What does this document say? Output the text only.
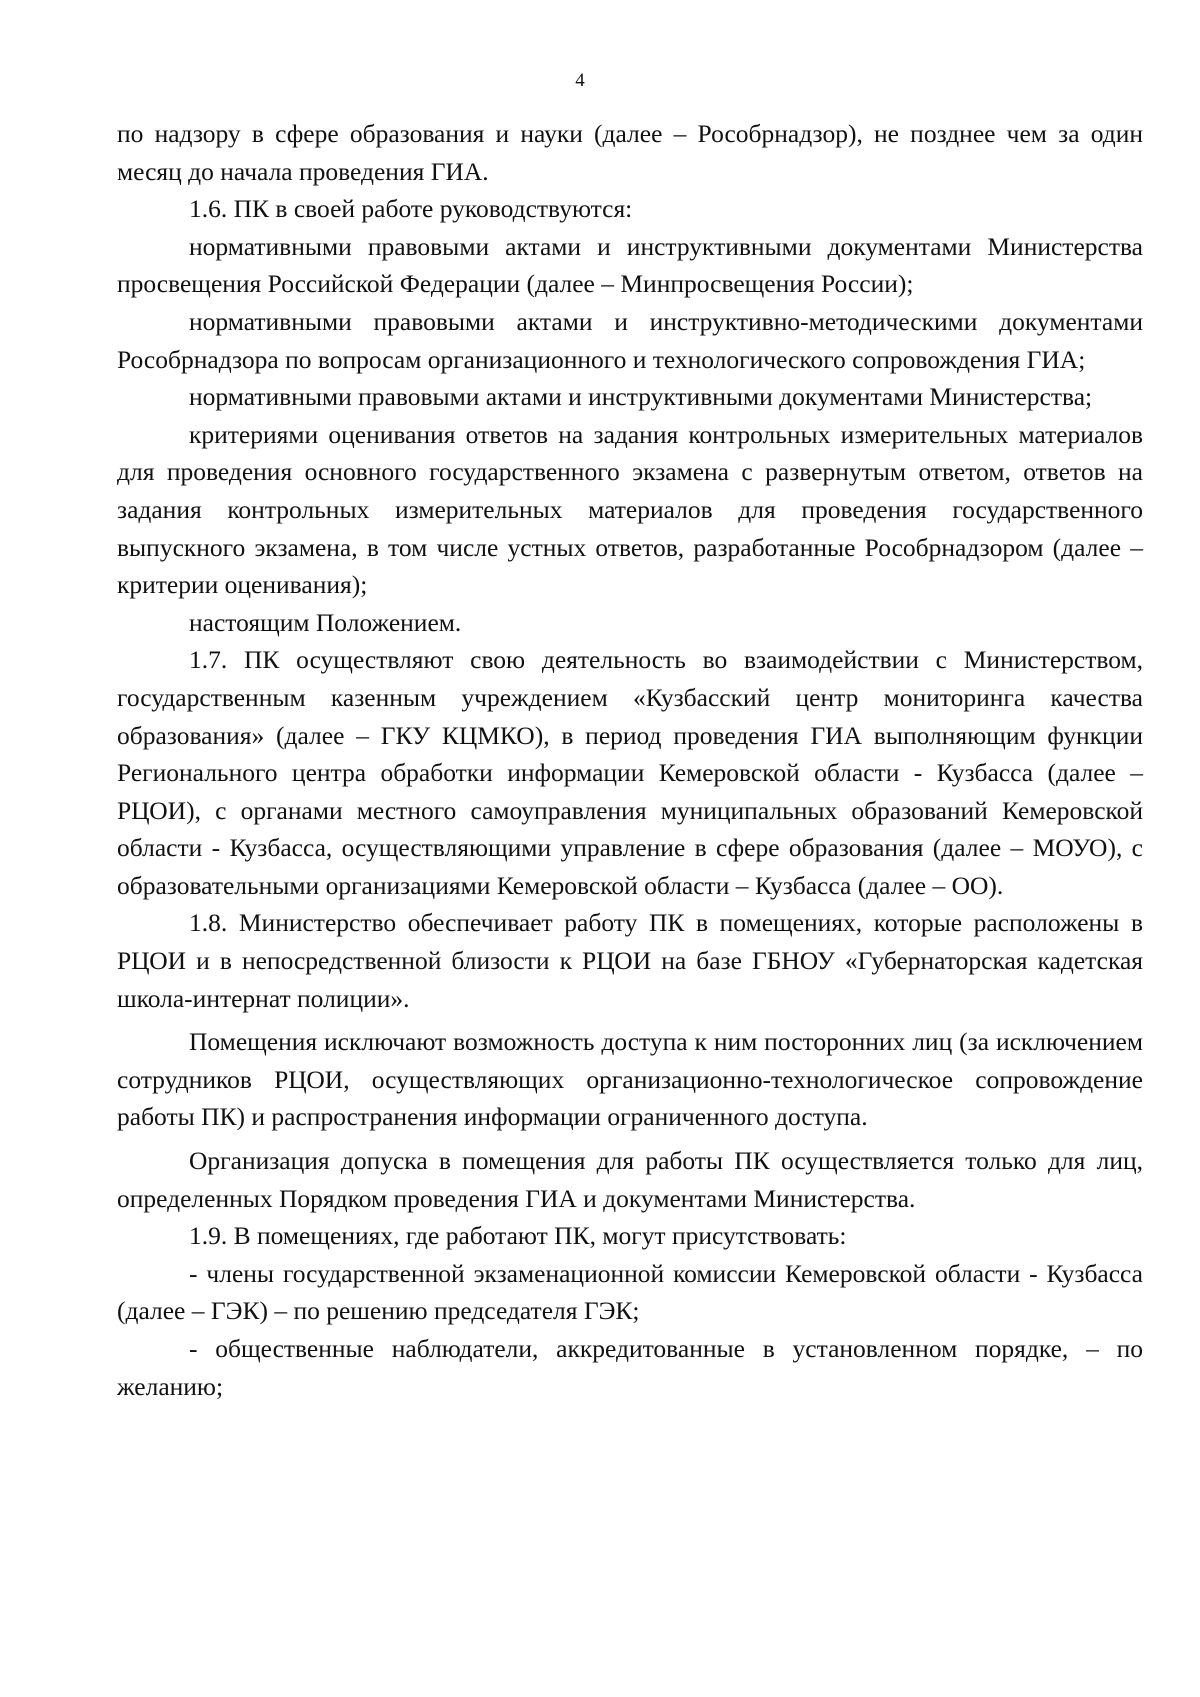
4

по надзору в сфере образования и науки (далее – Рособрнадзор), не позднее чем за один месяц до начала проведения ГИА.

1.6. ПК в своей работе руководствуются:

нормативными правовыми актами и инструктивными документами Министерства просвещения Российской Федерации (далее – Минпросвещения России);

нормативными правовыми актами и инструктивно-методическими документами Рособрнадзора по вопросам организационного и технологического сопровождения ГИА;

нормативными правовыми актами и инструктивными документами Министерства;

критериями оценивания ответов на задания контрольных измерительных материалов для проведения основного государственного экзамена с развернутым ответом, ответов на задания контрольных измерительных материалов для проведения государственного выпускного экзамена, в том числе устных ответов, разработанные Рособрнадзором (далее – критерии оценивания);

настоящим Положением.

1.7. ПК осуществляют свою деятельность во взаимодействии с Министерством, государственным казенным учреждением «Кузбасский центр мониторинга качества образования» (далее – ГКУ КЦМКО), в период проведения ГИА выполняющим функции Регионального центра обработки информации Кемеровской области - Кузбасса (далее – РЦОИ), с органами местного самоуправления муниципальных образований Кемеровской области - Кузбасса, осуществляющими управление в сфере образования (далее – МОУО), с образовательными организациями Кемеровской области – Кузбасса (далее – ОО).

1.8. Министерство обеспечивает работу ПК в помещениях, которые расположены в РЦОИ и в непосредственной близости к РЦОИ на базе ГБНОУ «Губернаторская кадетская школа-интернат полиции».

Помещения исключают возможность доступа к ним посторонних лиц (за исключением сотрудников РЦОИ, осуществляющих организационно-технологическое сопровождение работы ПК) и распространения информации ограниченного доступа.

Организация допуска в помещения для работы ПК осуществляется только для лиц, определенных Порядком проведения ГИА и документами Министерства.

1.9. В помещениях, где работают ПК, могут присутствовать:

- члены государственной экзаменационной комиссии Кемеровской области - Кузбасса (далее – ГЭК) – по решению председателя ГЭК;

- общественные наблюдатели, аккредитованные в установленном порядке, – по желанию;
